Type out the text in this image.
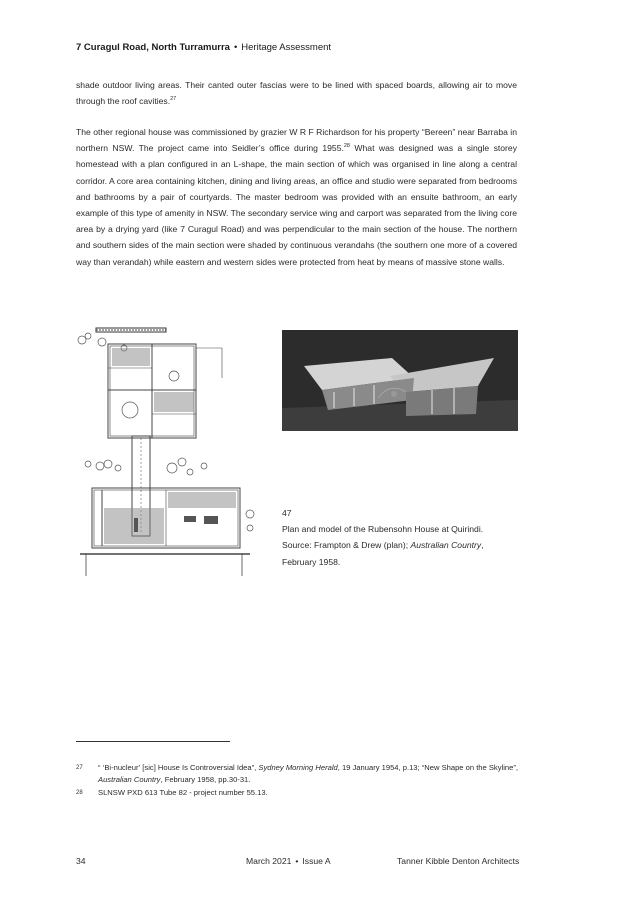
7 Curagul Road, North Turramurra • Heritage Assessment

shade outdoor living areas. Their canted outer fascias were to be lined with spaced boards, allowing air to move through the roof cavities.$^{27}$

The other regional house was commissioned by grazier W R F Richardson for his property “Bereen” near Barraba in northern NSW. The project came into Seidler’s office during 1955.28 What was designed was a single storey homestead with a plan configured in an L-shape, the main section of which was organised in line along a central corridor. A core area containing kitchen, dining and living areas, an office and studio were separated from bedrooms and bathrooms by a pair of courtyards. The master bedroom was provided with an ensuite bathroom, an early example of this type of amenity in NSW. The secondary service wing and carport was separated from the living core area by a drying yard (like 7 Curagul Road) and was perpendicular to the main section of the house. The northern and southern sides of the main section were shaded by continuous verandahs (the southern one more of a covered way than verandah) while eastern and western sides were protected from heat by means of massive stone walls.

47
Plan and model of the Rubensohn House at Quirindi.
Source: Frampton & Drew (plan); Australian Country,
February 1958.
27 “ ‘Bi-nucleur’ [sic] House Is Controversial Idea”, Sydney Morning Herald, 19 January 1954, p.13; “New Shape on the Skyline”, Australian Country, February 1958, pp.30-31.
28 SLNSW PXD 613 Tube 82 - project number 55.13.
34	March 2021 • Issue A	Tanner Kibble Denton Architects
